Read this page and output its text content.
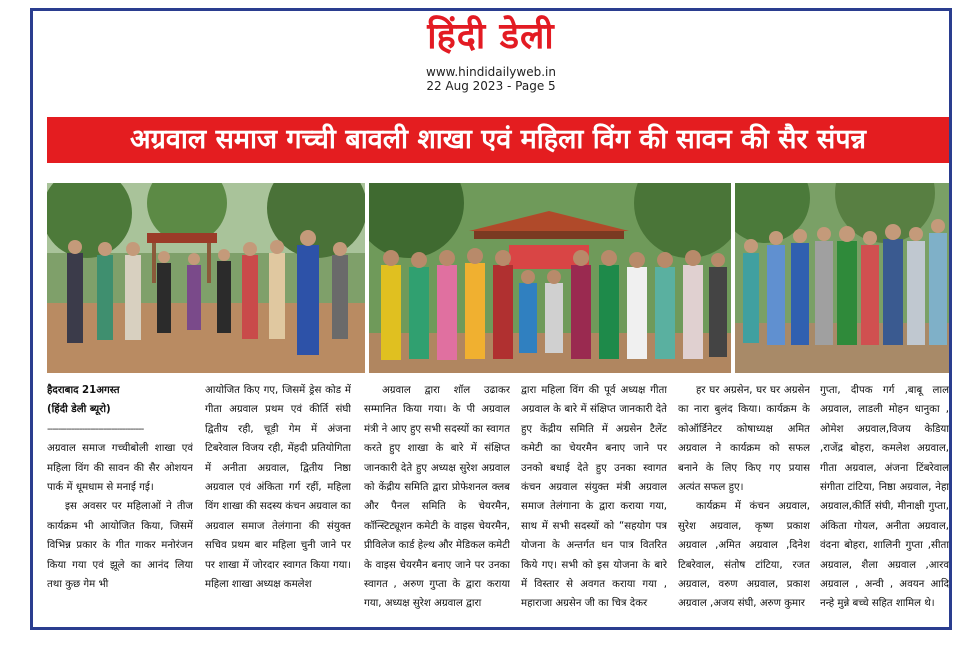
हिंदी डेली
www.hindidailyweb.in
22 Aug 2023 - Page 5
अग्रवाल समाज गच्ची बावली शाखा एवं महिला विंग की सावन की सैर संपन्न

हैदराबाद 21अगस्त

(हिंदी डेली ब्यूरो)

------------------------------------

अग्रवाल समाज गच्चीबोली शाखा एवं महिला विंग की सावन की सैर ओशयन पार्क में धूमधाम से मनाई गई।

इस अवसर पर महिलाओं ने तीज कार्यक्रम भी आयोजित किया, जिसमें विभिन्न प्रकार के गीत गाकर मनोरंजन किया गया एवं झूले का आनंद लिया तथा कुछ गेम भी

आयोजित किए गए, जिसमें ड्रेस कोड में गीता अग्रवाल प्रथम एवं कीर्ति संघी द्वितीय रही, चूड़ी गेम में अंजना टिबरेवाल विजय रही, मेंहदी प्रतियोगिता में अनीता अग्रवाल, द्वितीय निष्ठा अग्रवाल एवं अंकिता गर्ग रहीं, महिला विंग शाखा की सदस्य कंचन अग्रवाल का अग्रवाल समाज तेलंगाना की संयुक्त सचिव प्रथम बार महिला चुनी जाने पर पर शाखा में जोरदार स्वागत किया गया। महिला शाखा अध्यक्ष कमलेश

अग्रवाल द्वारा शॉल उढाकर सम्मानित किया गया। के पी अग्रवाल मंत्री ने आए हुए सभी सदस्यों का स्वागत करते हुए शाखा के बारे में संक्षिप्त जानकारी देते हुए अध्यक्ष सुरेश अग्रवाल को केंद्रीय समिति द्वारा प्रोफेशनल क्लब और पैनल समिति के चेयरमैन, कॉन्स्टिट्यूशन कमेटी के वाइस चेयरमैन, प्रीविलेज कार्ड हेल्थ और मेडिकल कमेटी के वाइस चेयरमैन बनाए जाने पर उनका स्वागत , अरुण गुप्ता के द्वारा कराया गया, अध्यक्ष सुरेश अग्रवाल द्वारा

द्वारा महिला विंग की पूर्व अध्यक्ष गीता अग्रवाल के बारे में संक्षिप्त जानकारी देते हुए केंद्रीय समिति में अग्रसेन टैलेंट कमेटी का चेयरमैन बनाए जाने पर उनको बधाई देते हुए उनका स्वागत कंचन अग्रवाल संयुक्त मंत्री अग्रवाल समाज तेलंगाना के द्वारा कराया गया, साथ में सभी सदस्यों को “सहयोग पत्र योजना के अन्तर्गत धन पात्र वितरित किये गए। सभी को इस योजना के बारे में विस्तार से अवगत कराया गया , महाराजा अग्रसेन जी का चित्र देकर

हर घर अग्रसेन, घर घर अग्रसेन का नारा बुलंद किया। कार्यक्रम के कोऑर्डिनेटर कोषाध्यक्ष अमित अग्रवाल ने कार्यक्रम को सफल बनाने के लिए किए गए प्रयास अत्यंत सफल हुए।

कार्यक्रम में कंचन अग्रवाल, सुरेश अग्रवाल, कृष्ण प्रकाश अग्रवाल ,अमित अग्रवाल ,दिनेश टिबरेवाल, संतोष टांटिया, रजत अग्रवाल, वरुण अग्रवाल, प्रकाश अग्रवाल ,अजय संघी, अरुण कुमार

गुप्ता, दीपक गर्ग ,बाबू लाल अग्रवाल, लाडली मोहन धानुका , ओमेश अग्रवाल,विजय केडिया ,राजेंद्र बोहरा, कमलेश अग्रवाल, गीता अग्रवाल, अंजना टिंबरेवाल संगीता टांटिया, निष्ठा अग्रवाल, नेहा अग्रवाल,कीर्ति संघी, मीनाक्षी गुप्ता, अंकिता गोयल, अनीता अग्रवाल, वंदना बोहरा, शालिनी गुप्ता ,सीता अग्रवाल, शैला अग्रवाल ,आरव अग्रवाल , अन्वी , अवयन आदि नन्हे मुन्ने बच्चे सहित शामिल थे।
